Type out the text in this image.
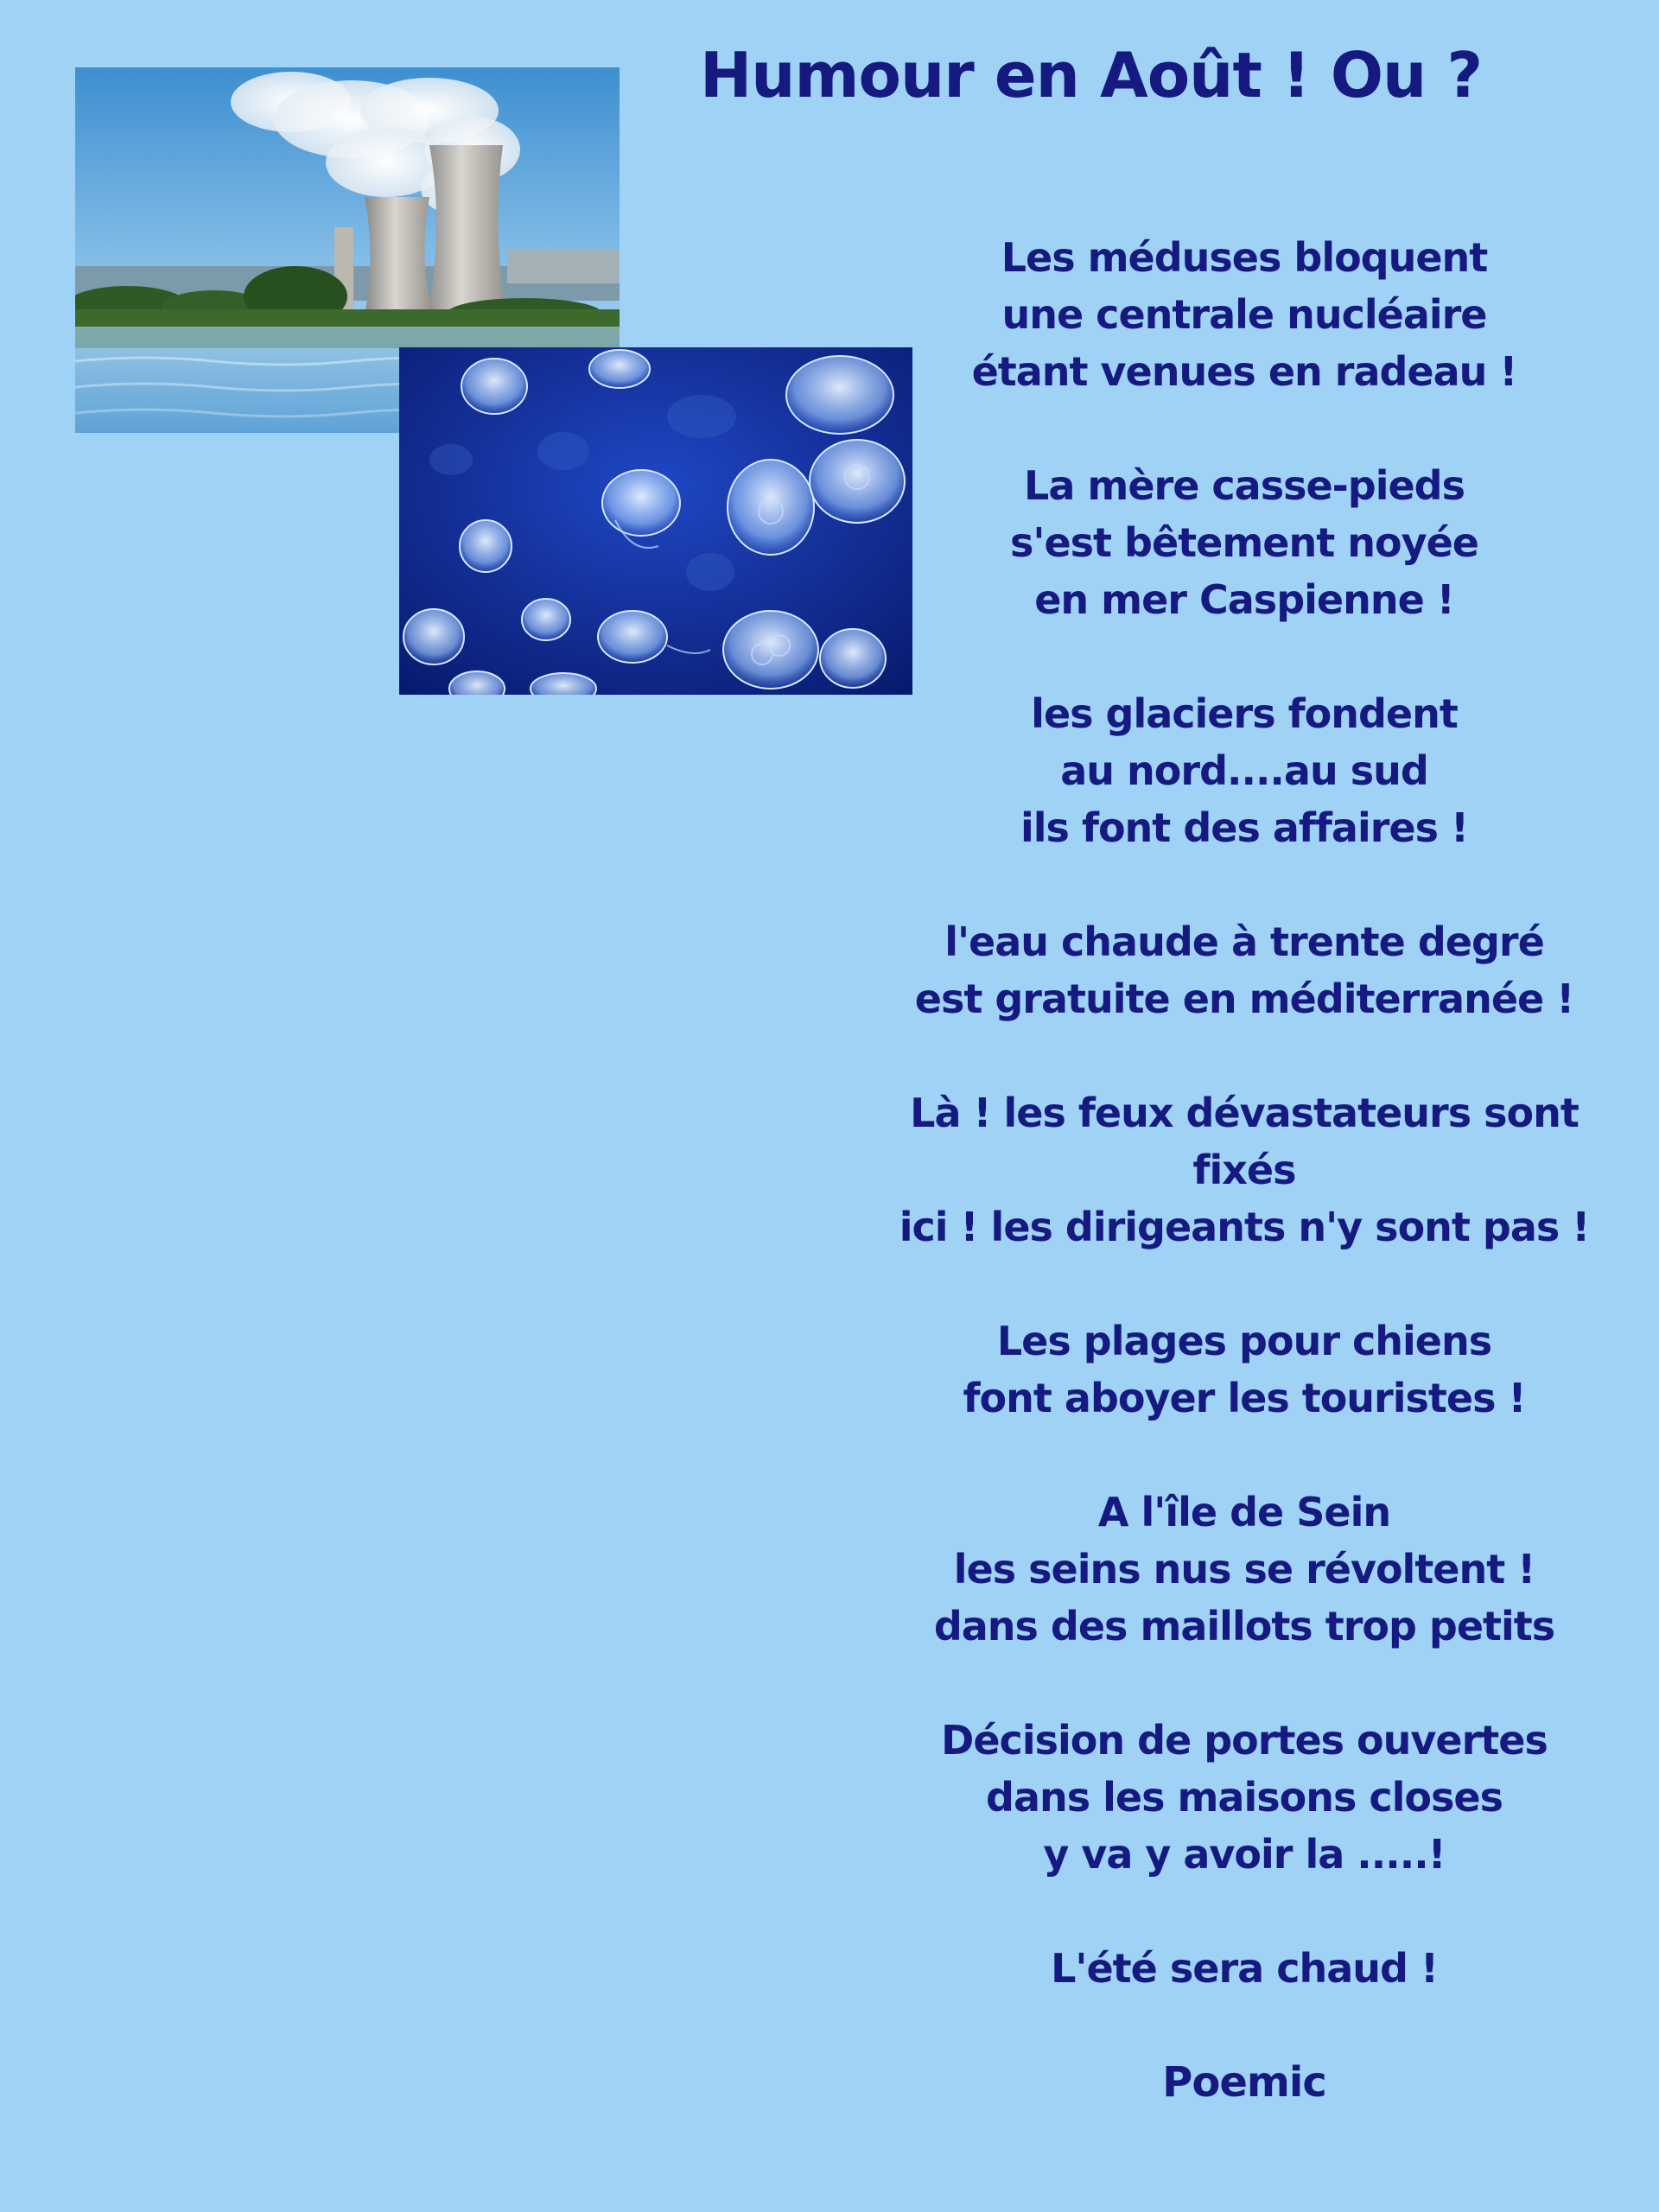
Humour en Août ! Ou ?
Les méduses bloquent
une centrale nucléaire
étant venues en radeau !
La mère casse-pieds
s'est bêtement noyée
en mer Caspienne !
les glaciers fondent
au nord....au sud
ils font des affaires !
l'eau chaude à trente degré
est gratuite en méditerranée !
Là ! les feux dévastateurs sont
fixés
ici ! les dirigeants n'y sont pas !
Les plages pour chiens
font aboyer les touristes !
A l'île de Sein
les seins nus se révoltent !
dans des maillots trop petits
Décision de portes ouvertes
dans les maisons closes
y va y avoir la .....!
L'été sera chaud !
Poemic
